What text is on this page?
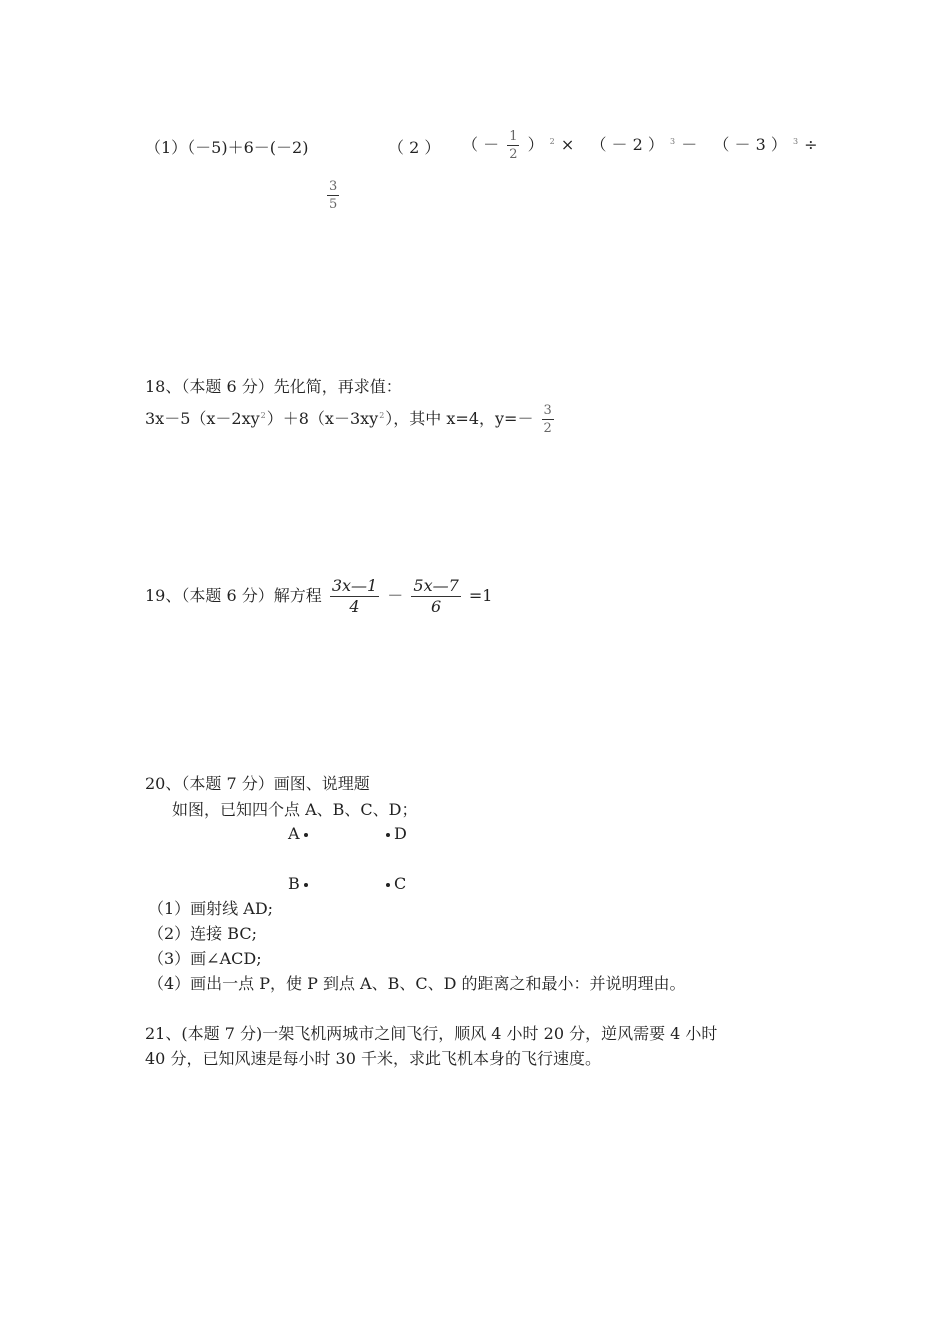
（1）（－5)＋6－(－2)	（ 2 ） （ － $\frac{1}{2}$ ） $^2$ × （ － 2 ） $^3$ － （ － 3 ） $^3$ ÷
$\frac{3}{5}$
18、（本题 6 分）先化简，再求值：
$3x-5(x-2xy^2)+8(x-3xy^2)$，其中 x=4，$y=- \frac{3}{2}$
19、（本题 6 分）解方程 $\frac{3x—1}{4} - \frac{5x—7}{6} =1$
20、（本题 7 分）画图、说理题
如图，已知四个点 A、B、C、D；
A	D
B	C
（1）画射线 AD;
（2）连接 BC;
（3）画∠ACD;
（4）画出一点 P，使 P 到点 A、B、C、D 的距离之和最小：并说明理由。
21、(本题 7 分)一架飞机两城市之间飞行，顺风 4 小时 20 分，逆风需要 4 小时
40 分，已知风速是每小时 30 千米，求此飞机本身的飞行速度。
